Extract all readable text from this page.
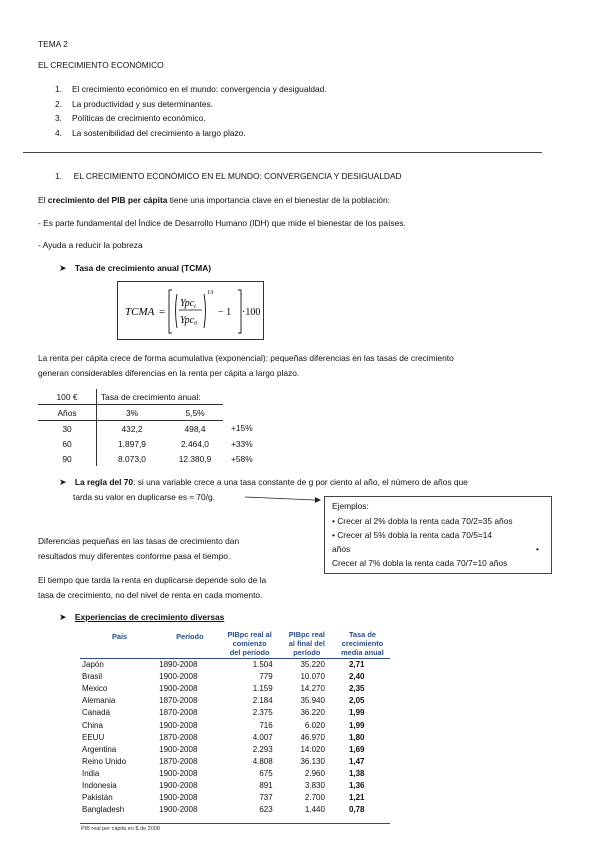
TEMA 2
EL CRECIMIENTO ECONÓMICO
1. El crecimiento económico en el mundo: convergencia y desigualdad.
2. La productividad y sus determinantes.
3. Políticas de crecimiento económico.
4. La sostenibilidad del crecimiento a largo plazo.
1. EL CRECIMIENTO ECONÓMICO EN EL MUNDO: CONVERGENCIA Y DESIGUALDAD
El crecimiento del PIB per cápita tiene una importancia clave en el bienestar de la población:
- Es parte fundamental del Índice de Desarrollo Humano (IDH) que mide el bienestar de los países.
- Ayuda a reducir la pobreza
➤ Tasa de crecimiento anual (TCMA)
TCMA =
Ypc$_t$
Ypc$_0$
1/t
− 1 ·100
La renta per cápita crece de forma acumulativa (exponencial): pequeñas diferencias en las tasas de crecimiento
generan considerables diferencias en la renta per cápita a largo plazo.
100 €	Tasa de crecimiento anual:		
Años	3%	5,5%	
30	432,2	498,4	+15%
60	1.897,9	2.464,0	+33%
90	8.073,0	12.380,9	+58%
➤ La regla del 70: si una variable crece a una tasa constante de g por ciento al año, el número de años que
tarda su valor en duplicarse es ≈ 70/g.
Ejemplos:
• Crecer al 2% dobla la renta cada 70/2=35 años
• Crecer al 5% dobla la renta cada 70/5=14
años	•
Crecer al 7% dobla la renta cada 70/7=10 años
Diferencias pequeñas en las tasas de crecimiento dan
resultados muy diferentes conforme pasa el tiempo.
El tiempo que tarda la renta en duplicarse depende solo de la
tasa de crecimiento, no del nivel de renta en cada momento.
➤ Experiencias de crecimiento diversas
País	Período	PIBpc real al
comienzo
del período	PIBpc real
al final del
período	Tasa de
crecimiento
media anual
Japón	1890-2008	1.504	35.220	2,71
Brasil	1900-2008	779	10.070	2,40
Mexico	1900-2008	1.159	14.270	2,35
Alemania	1870-2008	2.184	35.940	2,05
Canadá	1870-2008	2.375	36.220	1,99
China	1900-2008	716	6.020	1,99
EEUU	1870-2008	4.007	46.970	1,80
Argentina	1900-2008	2.293	14.020	1,69
Reino Unido	1870-2008	4.808	36.130	1,47
India	1900-2008	675	2.960	1,38
Indonesia	1900-2008	891	3.830	1,36
Pakistán	1900-2008	737	2.700	1,21
Bangladesh	1900-2008	623	1.440	0,78
PIB real per cápita en $ de 2008
